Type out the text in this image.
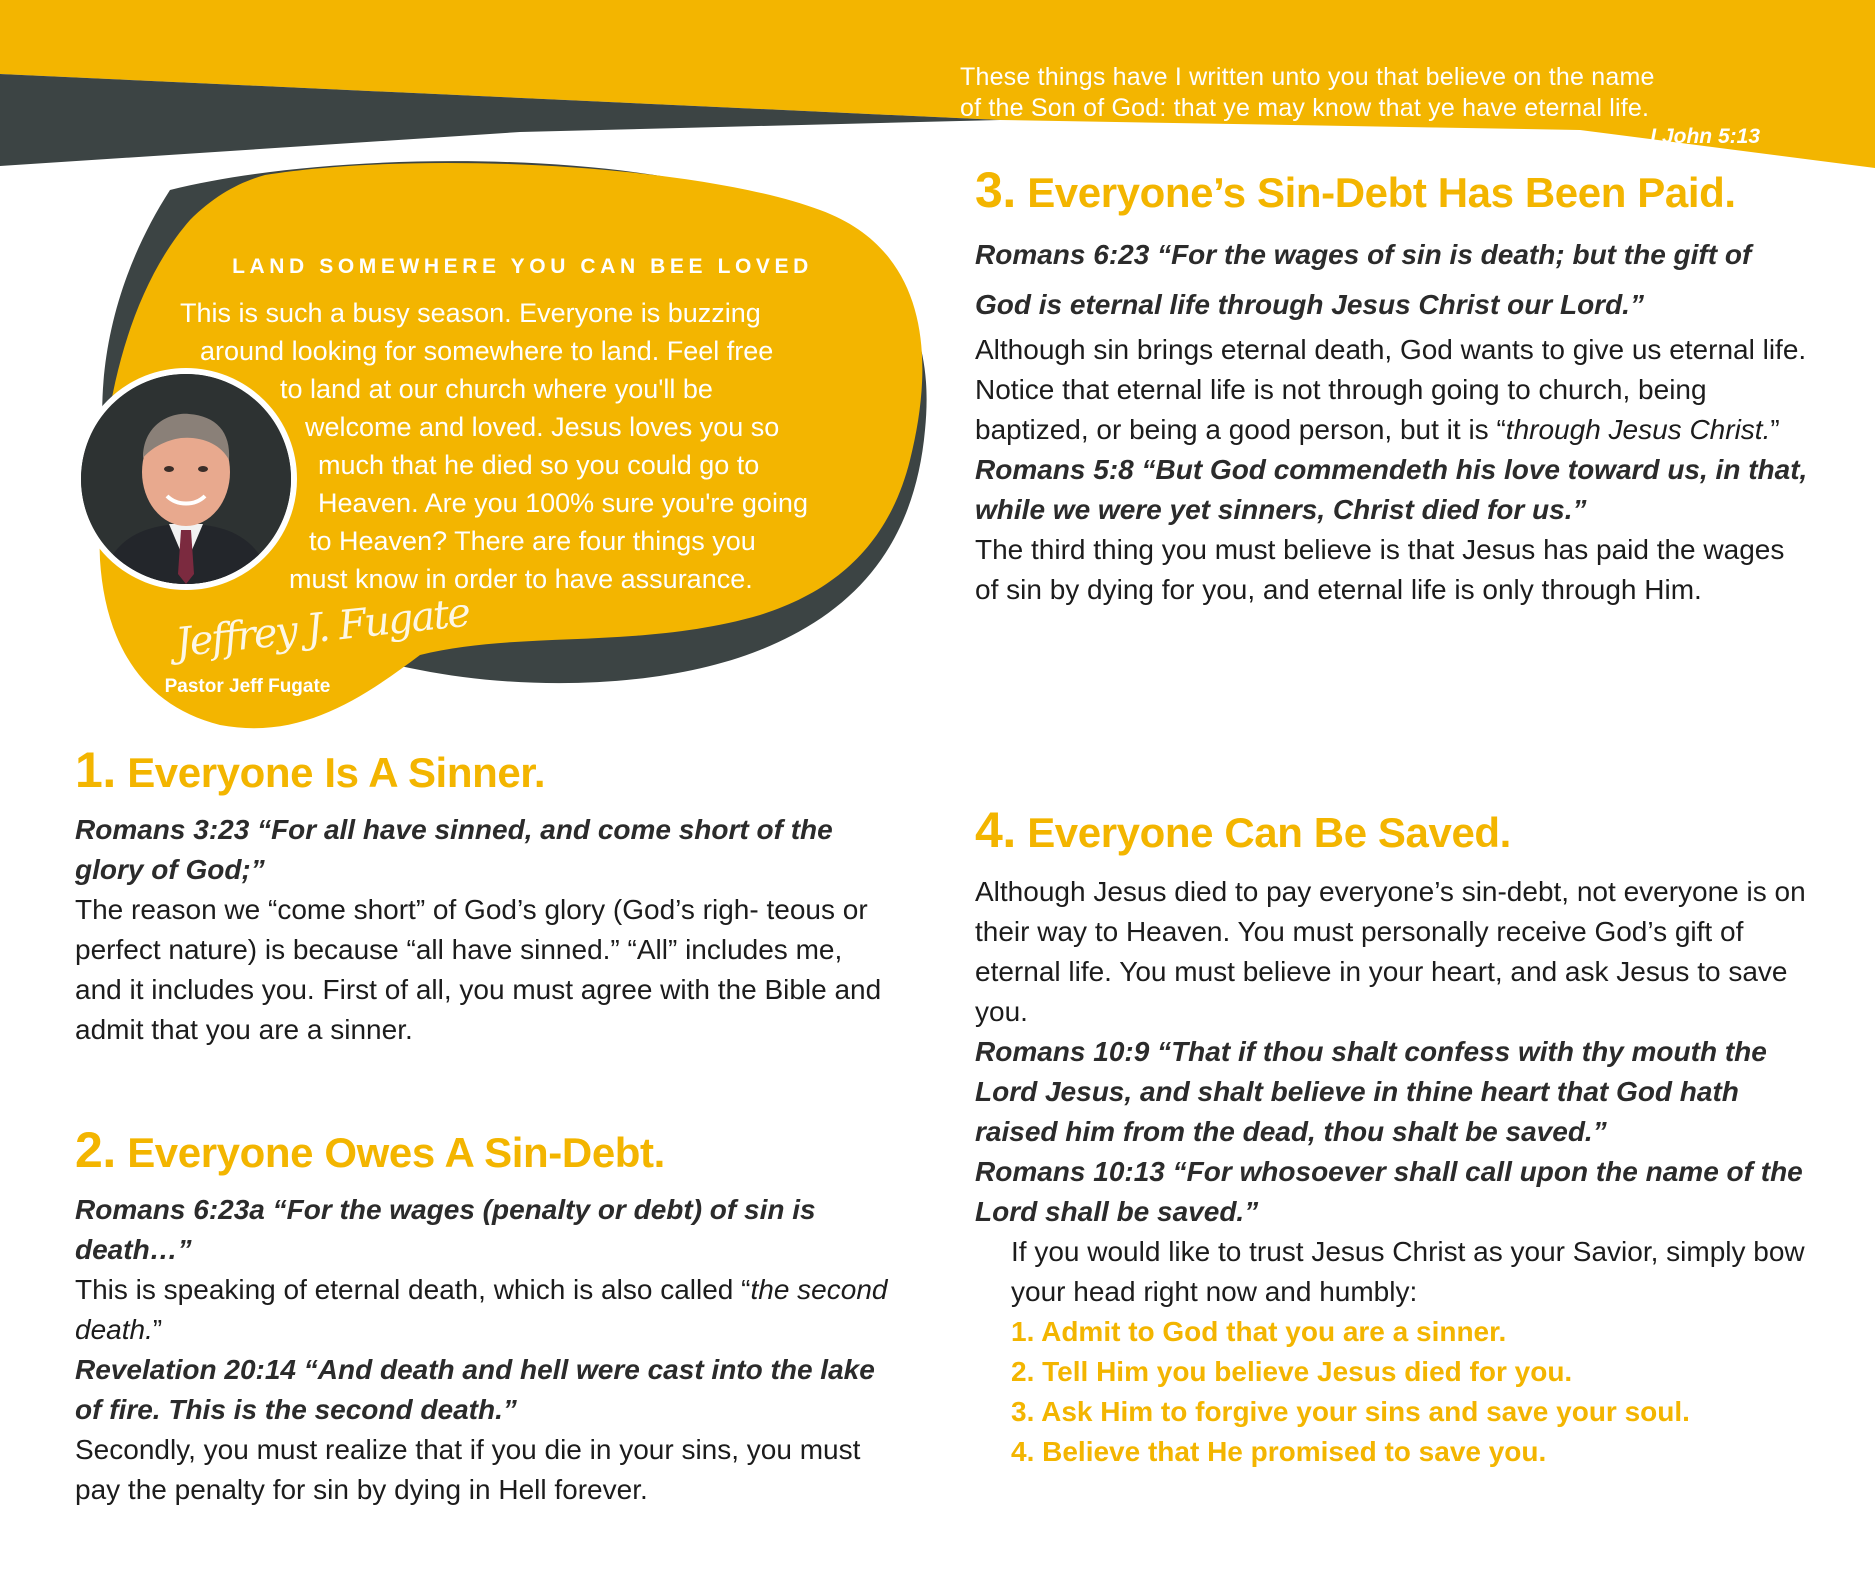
These things have I written unto you that believe on the name
of the Son of God: that ye may know that ye have eternal life.
I John 5:13
LAND SOMEWHERE YOU CAN BEE LOVED
This is such a busy season. Everyone is buzzing
around looking for somewhere to land. Feel free
to land at our church where you'll be
welcome and loved. Jesus loves you so
much that he died so you could go to
Heaven. Are you 100% sure you're going
to Heaven? There are four things you
must know in order to have assurance.
Jeffrey J. Fugate
Pastor Jeff Fugate
1. Everyone Is A Sinner.
Romans 3:23 “For all have sinned, and come short of the glory of God;”
The reason we “come short” of God’s glory (God’s righ- teous or perfect nature) is because “all have sinned.” “All” includes me, and it includes you. First of all, you must agree with the Bible and admit that you are a sinner.
2. Everyone Owes A Sin-Debt.
Romans 6:23a “For the wages (penalty or debt) of sin is death…”
This is speaking of eternal death, which is also called “the second death.”
Revelation 20:14 “And death and hell were cast into the lake of fire. This is the second death.”
Secondly, you must realize that if you die in your sins, you must pay the penalty for sin by dying in Hell forever.
3. Everyone’s Sin-Debt Has Been Paid.
Romans 6:23 “For the wages of sin is death; but the gift of God is eternal life through Jesus Christ our Lord.”
Although sin brings eternal death, God wants to give us eternal life. Notice that eternal life is not through going to church, being baptized, or being a good person, but it is “through Jesus Christ.”
Romans 5:8 “But God commendeth his love toward us, in that, while we were yet sinners, Christ died for us.”
The third thing you must believe is that Jesus has paid the wages of sin by dying for you, and eternal life is only through Him.
4. Everyone Can Be Saved.
Although Jesus died to pay everyone’s sin-debt, not everyone is on their way to Heaven. You must personally receive God’s gift of eternal life. You must believe in your heart, and ask Jesus to save you.
Romans 10:9 “That if thou shalt confess with thy mouth the Lord Jesus, and shalt believe in thine heart that God hath raised him from the dead, thou shalt be saved.”
Romans 10:13 “For whosoever shall call upon the name of the Lord shall be saved.”
If you would like to trust Jesus Christ as your Savior, simply bow your head right now and humbly:
1. Admit to God that you are a sinner.
2. Tell Him you believe Jesus died for you.
3. Ask Him to forgive your sins and save your soul.
4. Believe that He promised to save you.
